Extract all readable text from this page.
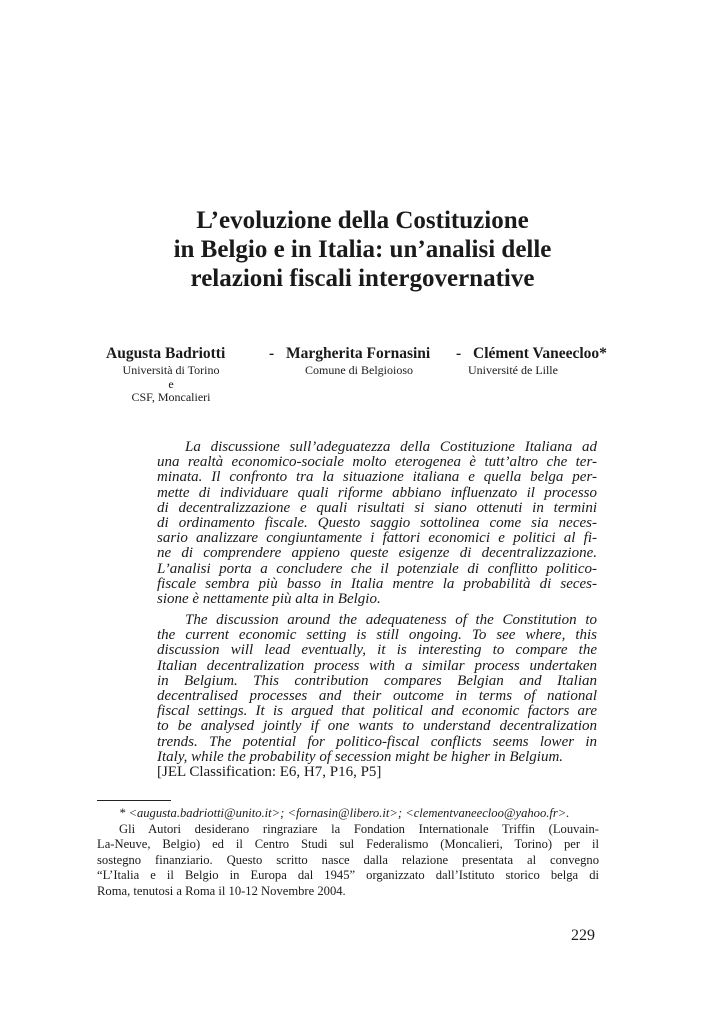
L’evoluzione della Costituzione
in Belgio e in Italia: un’analisi delle
relazioni fiscali intergovernative
Augusta Badriotti	- Margherita Fornasini - Clément Vaneecloo*
Università di Torino
e
CSF, Moncalieri
Comune di Belgioioso	Université de Lille
La discussione sull’adeguatezza della Costituzione Italiana ad
una realtà economico-sociale molto eterogenea è tutt’altro che ter-
minata. Il confronto tra la situazione italiana e quella belga per-
mette di individuare quali riforme abbiano influenzato il processo
di decentralizzazione e quali risultati si siano ottenuti in termini
di ordinamento fiscale. Questo saggio sottolinea come sia neces-
sario analizzare congiuntamente i fattori economici e politici al fi-
ne di comprendere appieno queste esigenze di decentralizzazione.
L’analisi porta a concludere che il potenziale di conflitto politico-
fiscale sembra più basso in Italia mentre la probabilità di seces-
sione è nettamente più alta in Belgio.
The discussion around the adequateness of the Constitution to
the current economic setting is still ongoing. To see where, this
discussion will lead eventually, it is interesting to compare the
Italian decentralization process with a similar process undertaken
in Belgium. This contribution compares Belgian and Italian
decentralised processes and their outcome in terms of national
fiscal settings. It is argued that political and economic factors are
to be analysed jointly if one wants to understand decentralization
trends. The potential for politico-fiscal conflicts seems lower in
Italy, while the probability of secession might be higher in Belgium.
[JEL Classification: E6, H7, P16, P5]
* <augusta.badriotti@unito.it>; <fornasin@libero.it>; <clementvaneecloo@yahoo.fr>.
Gli Autori desiderano ringraziare la Fondation Internationale Triffin (Louvain-
La-Neuve, Belgio) ed il Centro Studi sul Federalismo (Moncalieri, Torino) per il
sostegno finanziario. Questo scritto nasce dalla relazione presentata al convegno
“L’Italia e il Belgio in Europa dal 1945” organizzato dall’Istituto storico belga di
Roma, tenutosi a Roma il 10-12 Novembre 2004.
229
